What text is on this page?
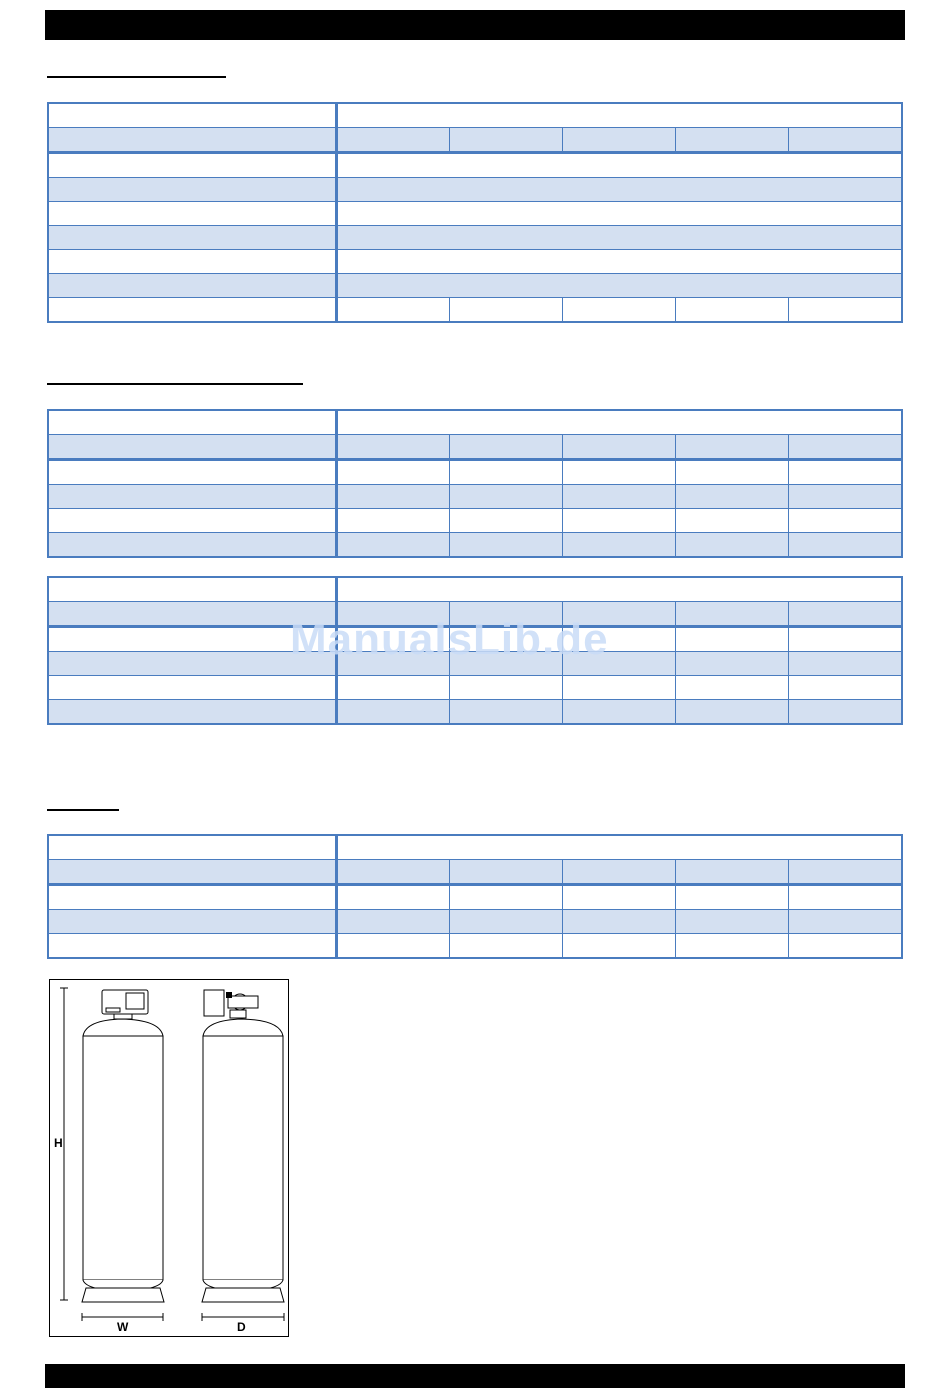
ManualsLib.de

H
W	D
